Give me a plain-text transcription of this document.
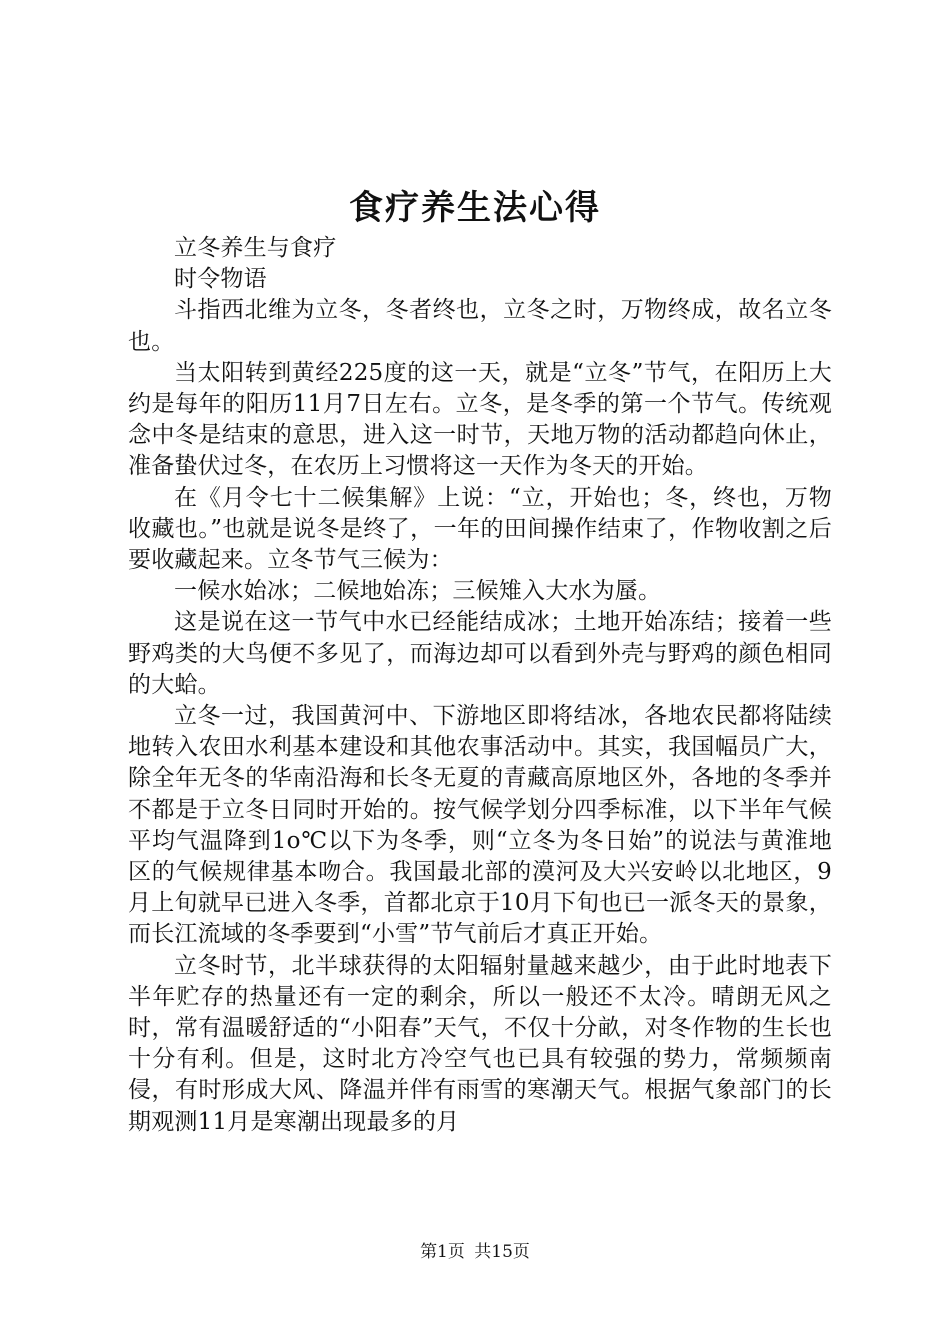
食疗养生法心得

立冬养生与食疗

时令物语

斗指西北维为立冬，冬者终也，立冬之时，万物终成，故名立冬也。

当太阳转到黄经225度的这一天，就是“立冬”节气，在阳历上大约是每年的阳历11月7日左右。立冬，是冬季的第一个节气。传统观念中冬是结束的意思，进入这一时节，天地万物的活动都趋向休止，准备蛰伏过冬，在农历上习惯将这一天作为冬天的开始。

在《月令七十二候集解》上说：“立，开始也；冬，终也，万物收藏也。”也就是说冬是终了，一年的田间操作结束了，作物收割之后要收藏起来。立冬节气三候为：

一候水始冰；二候地始冻；三候雉入大水为蜃。

这是说在这一节气中水已经能结成冰；土地开始冻结；接着一些野鸡类的大鸟便不多见了，而海边却可以看到外壳与野鸡的颜色相同的大蛤。

立冬一过，我国黄河中、下游地区即将结冰，各地农民都将陆续地转入农田水利基本建设和其他农事活动中。其实，我国幅员广大，除全年无冬的华南沿海和长冬无夏的青藏高原地区外，各地的冬季并不都是于立冬日同时开始的。按气候学划分四季标准，以下半年气候平均气温降到1o℃以下为冬季，则“立冬为冬日始”的说法与黄淮地区的气候规律基本吻合。我国最北部的漠河及大兴安岭以北地区，9月上旬就早已进入冬季，首都北京于10月下旬也已一派冬天的景象，而长江流域的冬季要到“小雪”节气前后才真正开始。

立冬时节，北半球获得的太阳辐射量越来越少，由于此时地表下半年贮存的热量还有一定的剩余，所以一般还不太冷。晴朗无风之时，常有温暖舒适的“小阳春”天气，不仅十分畝，对冬作物的生长也十分有利。但是，这时北方冷空气也已具有较强的势力，常频频南侵，有时形成大风、降温并伴有雨雪的寒潮天气。根据气象部门的长期观测11月是寒潮出现最多的月

第1页 共15页
